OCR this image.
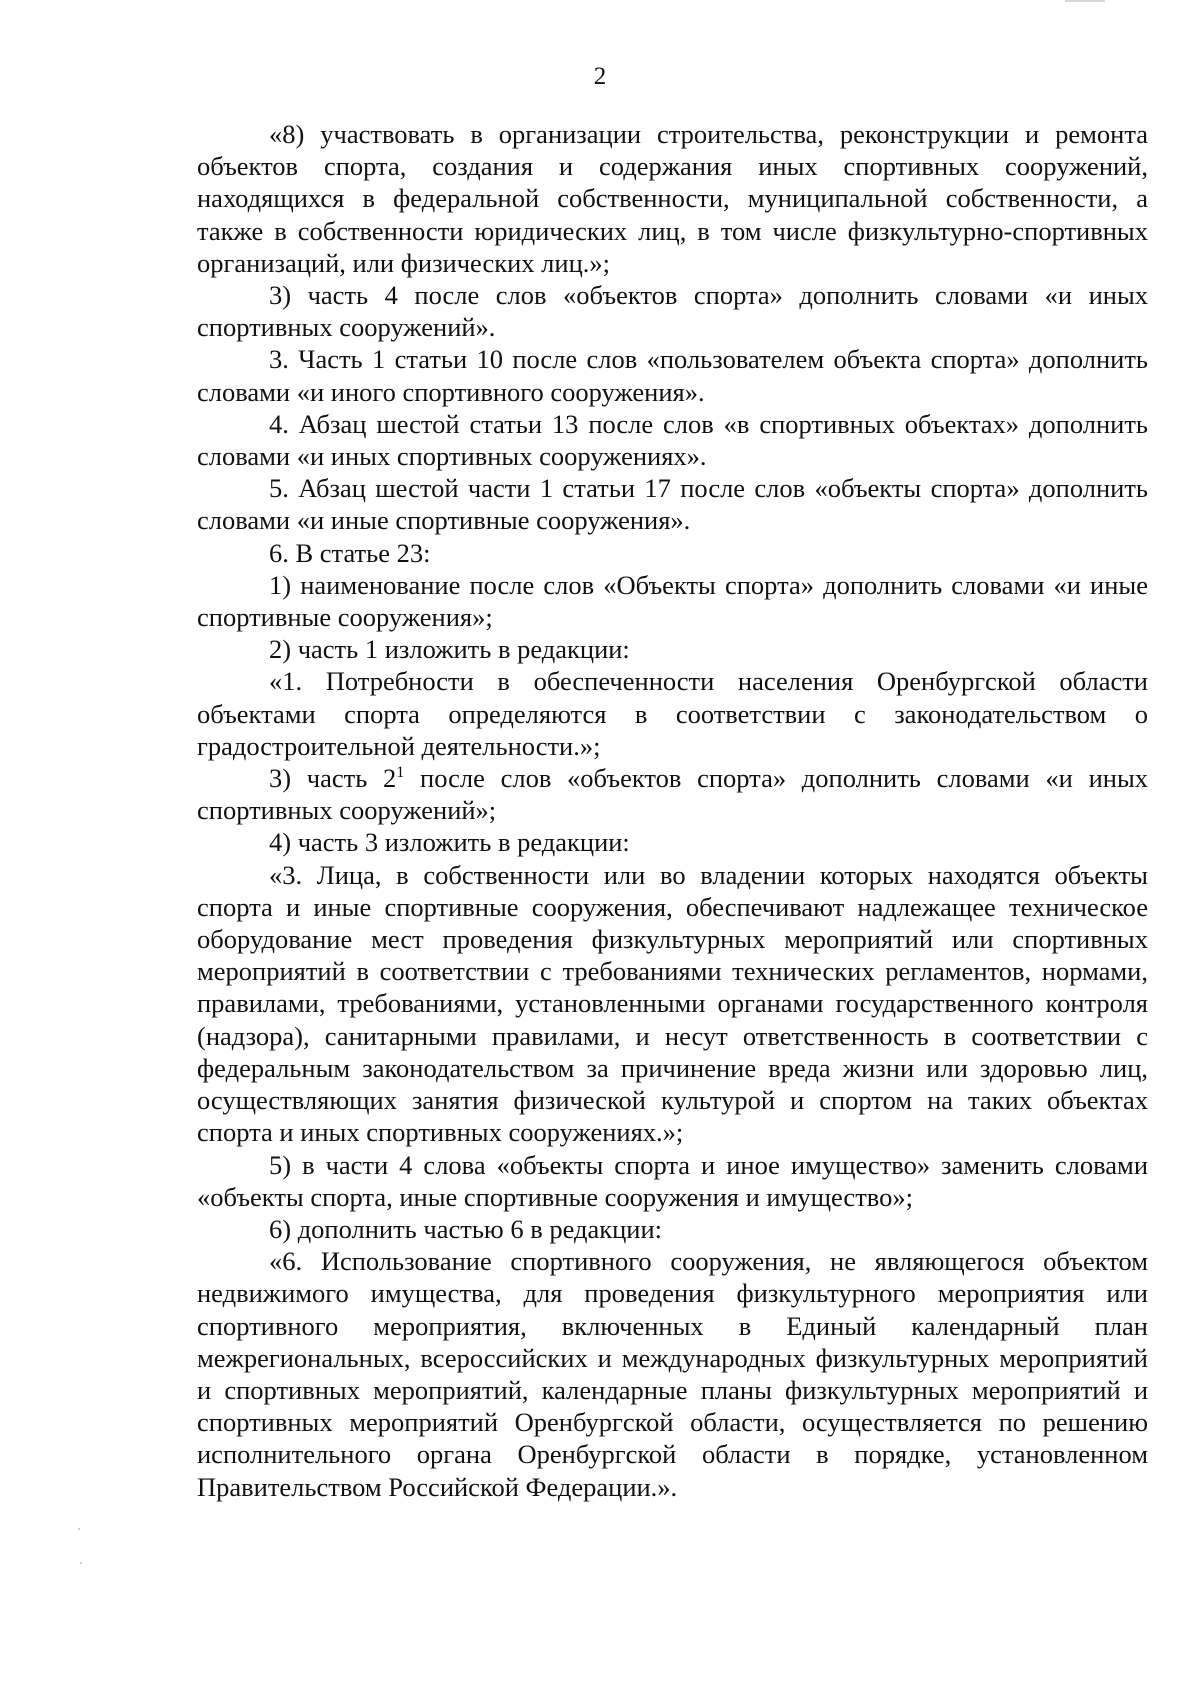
2

«8) участвовать в организации строительства, реконструкции и ремонта объектов спорта, создания и содержания иных спортивных сооружений, находящихся в федеральной собственности, муниципальной собственности, а также в собственности юридических лиц, в том числе физкультурно-спортивных организаций, или физических лиц.»;

3) часть 4 после слов «объектов спорта» дополнить словами «и иных спортивных сооружений».

3. Часть 1 статьи 10 после слов «пользователем объекта спорта» дополнить словами «и иного спортивного сооружения».

4. Абзац шестой статьи 13 после слов «в спортивных объектах» дополнить словами «и иных спортивных сооружениях».

5. Абзац шестой части 1 статьи 17 после слов «объекты спорта» дополнить словами «и иные спортивные сооружения».

6. В статье 23:

1) наименование после слов «Объекты спорта» дополнить словами «и иные спортивные сооружения»;

2) часть 1 изложить в редакции:

«1. Потребности в обеспеченности населения Оренбургской области объектами спорта определяются в соответствии с законодательством о градостроительной деятельности.»;

3) часть $2^1$ после слов «объектов спорта» дополнить словами «и иных спортивных сооружений»;

4) часть 3 изложить в редакции:

«3. Лица, в собственности или во владении которых находятся объекты спорта и иные спортивные сооружения, обеспечивают надлежащее техническое оборудование мест проведения физкультурных мероприятий или спортивных мероприятий в соответствии с требованиями технических регламентов, нормами, правилами, требованиями, установленными органами государственного контроля (надзора), санитарными правилами, и несут ответственность в соответствии с федеральным законодательством за причинение вреда жизни или здоровью лиц, осуществляющих занятия физической культурой и спортом на таких объектах спорта и иных спортивных сооружениях.»;

5) в части 4 слова «объекты спорта и иное имущество» заменить словами «объекты спорта, иные спортивные сооружения и имущество»;

6) дополнить частью 6 в редакции:

«6. Использование спортивного сооружения, не являющегося объектом недвижимого имущества, для проведения физкультурного мероприятия или спортивного мероприятия, включенных в Единый календарный план межрегиональных, всероссийских и международных физкультурных мероприятий и спортивных мероприятий, календарные планы физкультурных мероприятий и спортивных мероприятий Оренбургской области, осуществляется по решению исполнительного органа Оренбургской области в порядке, установленном Правительством Российской Федерации.».
